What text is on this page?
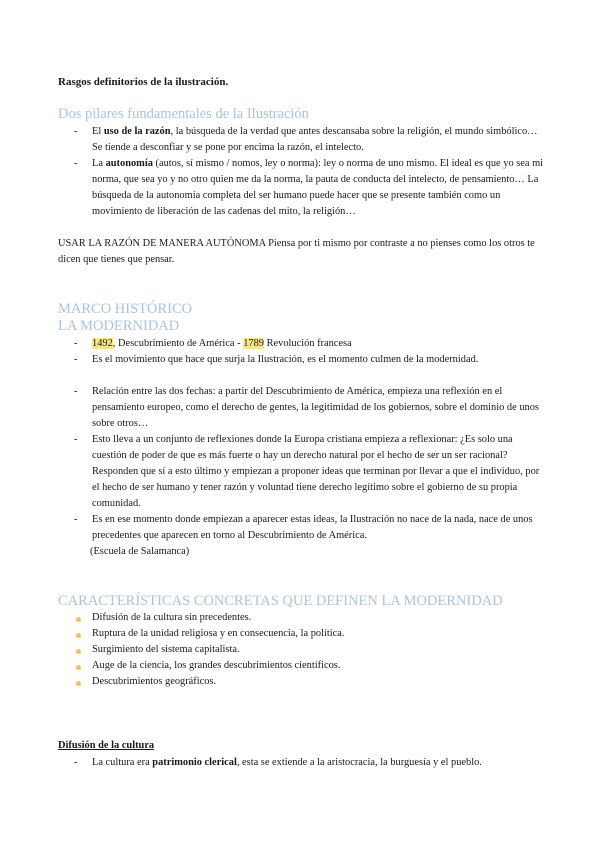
Rasgos definitorios de la ilustración.
Dos pilares fundamentales de la Ilustración
- El uso de la razón, la búsqueda de la verdad que antes descansaba sobre la religión, el mundo simbólico… Se tiende a desconfiar y se pone por encima la razón, el intelecto.
- La autonomía (autos, sí mismo / nomos, ley o norma): ley o norma de uno mismo. El ideal es que yo sea mi norma, que sea yo y no otro quien me da la norma, la pauta de conducta del intelecto, de pensamiento… La búsqueda de la autonomía completa del ser humano puede hacer que se presente también como un movimiento de liberación de las cadenas del mito, la religión…
USAR LA RAZÓN DE MANERA AUTÓNOMA Piensa por ti mismo por contraste a no pienses como los otros te dicen que tienes que pensar.
MARCO HISTÓRICO
LA MODERNIDAD
- 1492, Descubrimiento de América - 1789 Revolución francesa
- Es el movimiento que hace que surja la Ilustración, es el momento culmen de la modernidad.
- Relación entre las dos fechas: a partir del Descubrimiento de América, empieza una reflexión en el pensamiento europeo, como el derecho de gentes, la legitimidad de los gobiernos, sobre el dominio de unos sobre otros…
- Esto lleva a un conjunto de reflexiones donde la Europa cristiana empieza a reflexionar: ¿Es solo una cuestión de poder de que es más fuerte o hay un derecho natural por el hecho de ser un ser racional? Responden que sí a esto último y empiezan a proponer ideas que terminan por llevar a que el individuo, por el hecho de ser humano y tener razón y voluntad tiene derecho legítimo sobre el gobierno de su propia comunidad.
- Es en ese momento donde empiezan a aparecer estas ideas, la Ilustración no nace de la nada, nace de unos precedentes que aparecen en torno al Descubrimiento de América.
(Escuela de Salamanca)
CARACTERÍSTICAS CONCRETAS QUE DEFINEN LA MODERNIDAD
Difusión de la cultura sin precedentes.
Ruptura de la unidad religiosa y en consecuencia, la política.
Surgimiento del sistema capitalista.
Auge de la ciencia, los grandes descubrimientos científicos.
Descubrimientos geográficos.
Difusión de la cultura
- La cultura era patrimonio clerical, esta se extiende a la aristocracia, la burguesía y el pueblo.
